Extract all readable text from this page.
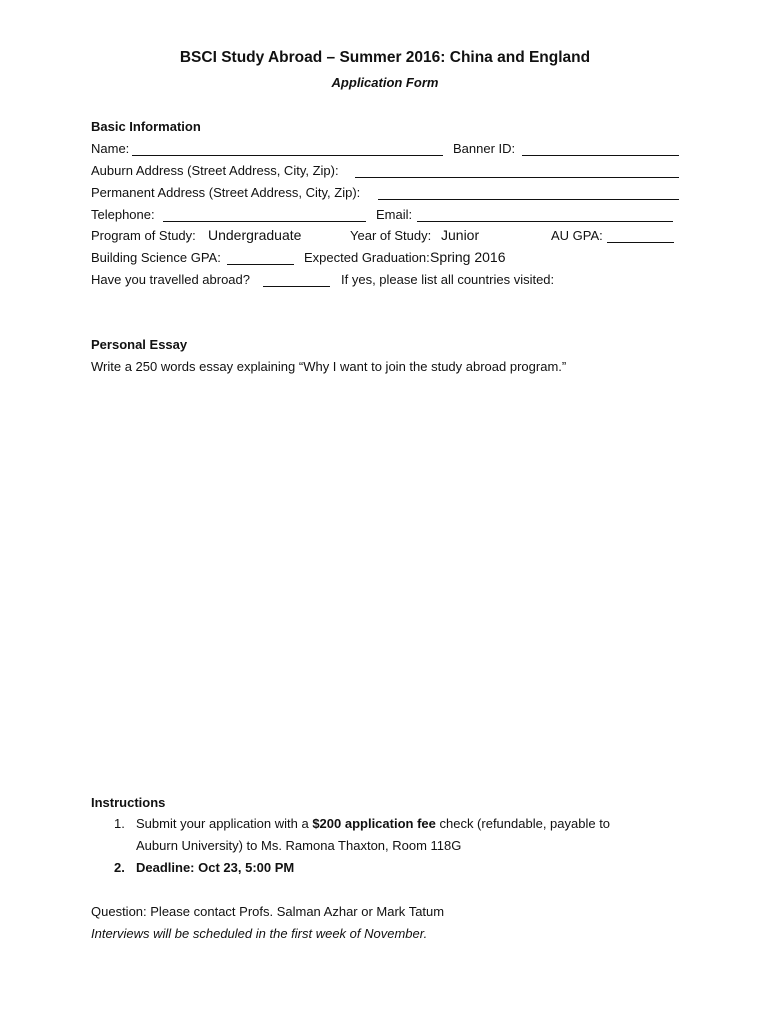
BSCI Study Abroad – Summer 2016: China and England
Application Form
Basic Information
Name:	Banner ID:
Auburn Address (Street Address, City, Zip):
Permanent Address (Street Address, City, Zip):
Telephone:	Email:
Program of Study: Undergraduate	Year of Study: Junior	AU GPA:
Building Science GPA:	Expected Graduation: Spring 2016
Have you travelled abroad?	If yes, please list all countries visited:
Personal Essay
Write a 250 words essay explaining “Why I want to join the study abroad program.”
Instructions
1. Submit your application with a $200 application fee check (refundable, payable to
Auburn University) to Ms. Ramona Thaxton, Room 118G
2. Deadline: Oct 23, 5:00 PM
Question: Please contact Profs. Salman Azhar or Mark Tatum
Interviews will be scheduled in the first week of November.
